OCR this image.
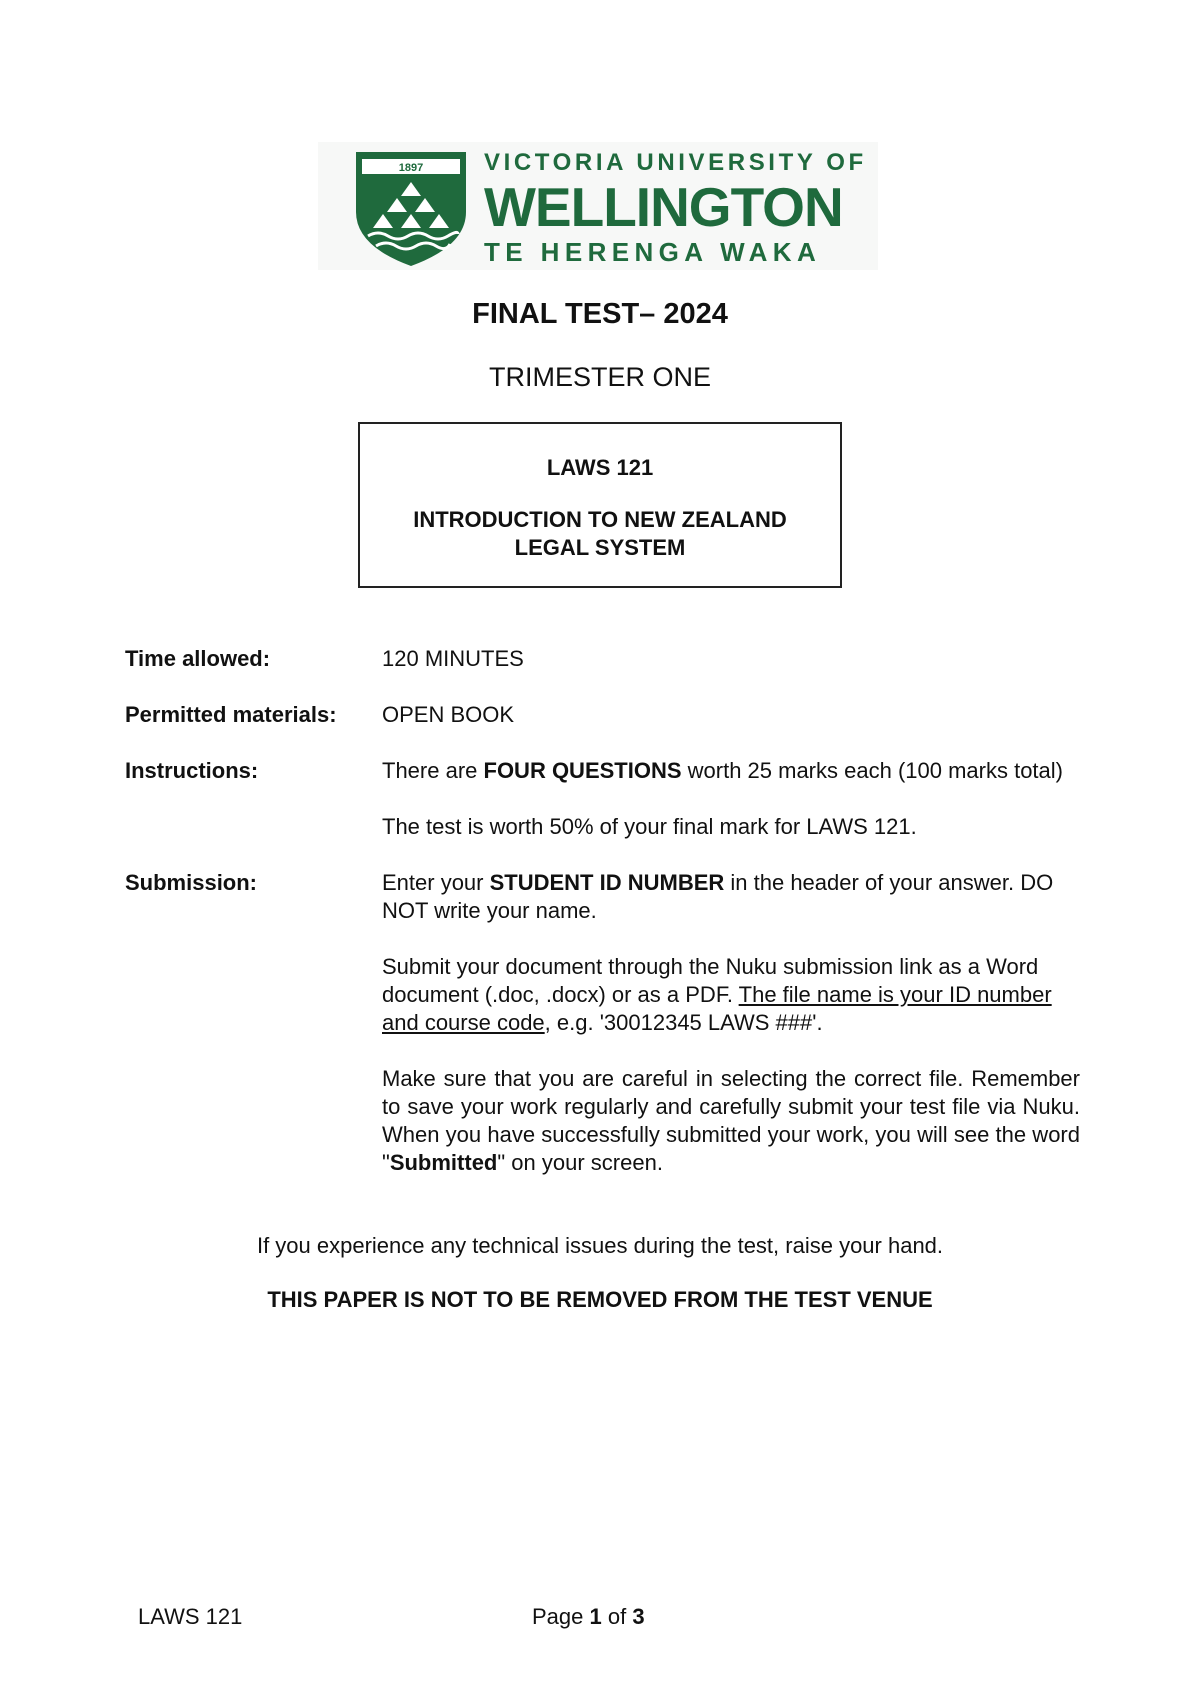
1897	VICTORIA UNIVERSITY OF
WELLINGTON
TE HERENGA WAKA
FINAL TEST– 2024
TRIMESTER ONE
LAWS 121
INTRODUCTION TO NEW ZEALAND LEGAL SYSTEM
Time allowed:	120 MINUTES
Permitted materials:	OPEN BOOK
Instructions:	There are FOUR QUESTIONS worth 25 marks each (100 marks total)

The test is worth 50% of your final mark for LAWS 121.

Submission:	Enter your STUDENT ID NUMBER in the header of your answer. DO NOT write your name.

Submit your document through the Nuku submission link as a Word document (.doc, .docx) or as a PDF. The file name is your ID number and course code, e.g. '30012345 LAWS ###'.

Make sure that you are careful in selecting the correct file. Remember to save your work regularly and carefully submit your test file via Nuku. When you have successfully submitted your work, you will see the word "Submitted" on your screen.

If you experience any technical issues during the test, raise your hand.
THIS PAPER IS NOT TO BE REMOVED FROM THE TEST VENUE
LAWS 121	Page 1 of 3
